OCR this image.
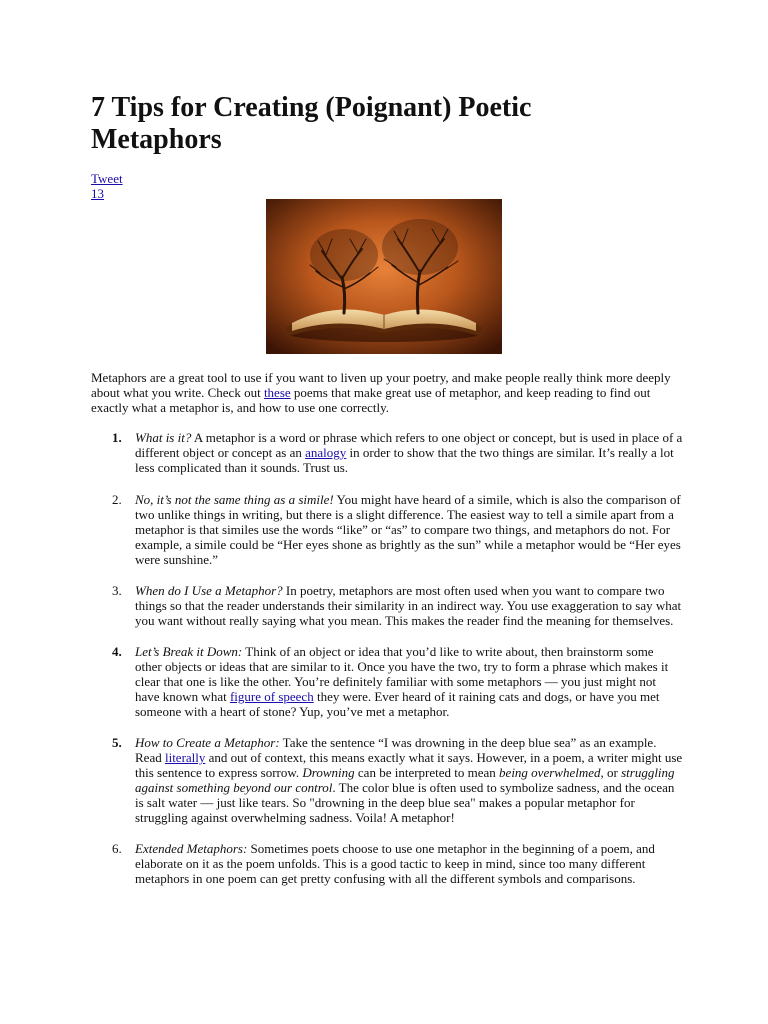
7 Tips for Creating (Poignant) Poetic Metaphors
Tweet
13

Metaphors are a great tool to use if you want to liven up your poetry, and make people really think more deeply about what you write. Check out these poems that make great use of metaphor, and keep reading to find out exactly what a metaphor is, and how to use one correctly.

1. What is it? A metaphor is a word or phrase which refers to one object or concept, but is used in place of a different object or concept as an analogy in order to show that the two things are similar. It’s really a lot less complicated than it sounds. Trust us.
2. No, it’s not the same thing as a simile! You might have heard of a simile, which is also the comparison of two unlike things in writing, but there is a slight difference. The easiest way to tell a simile apart from a metaphor is that similes use the words “like” or “as” to compare two things, and metaphors do not. For example, a simile could be “Her eyes shone as brightly as the sun” while a metaphor would be “Her eyes were sunshine.”
3. When do I Use a Metaphor? In poetry, metaphors are most often used when you want to compare two things so that the reader understands their similarity in an indirect way. You use exaggeration to say what you want without really saying what you mean. This makes the reader find the meaning for themselves.
4. Let’s Break it Down: Think of an object or idea that you’d like to write about, then brainstorm some other objects or ideas that are similar to it. Once you have the two, try to form a phrase which makes it clear that one is like the other. You’re definitely familiar with some metaphors — you just might not have known what figure of speech they were. Ever heard of it raining cats and dogs, or have you met someone with a heart of stone? Yup, you’ve met a metaphor.
5. How to Create a Metaphor: Take the sentence “I was drowning in the deep blue sea” as an example. Read literally and out of context, this means exactly what it says. However, in a poem, a writer might use this sentence to express sorrow. Drowning can be interpreted to mean being overwhelmed, or struggling against something beyond our control. The color blue is often used to symbolize sadness, and the ocean is salt water — just like tears. So "drowning in the deep blue sea" makes a popular metaphor for struggling against overwhelming sadness. Voila! A metaphor!
6. Extended Metaphors: Sometimes poets choose to use one metaphor in the beginning of a poem, and elaborate on it as the poem unfolds. This is a good tactic to keep in mind, since too many different metaphors in one poem can get pretty confusing with all the different symbols and comparisons.
